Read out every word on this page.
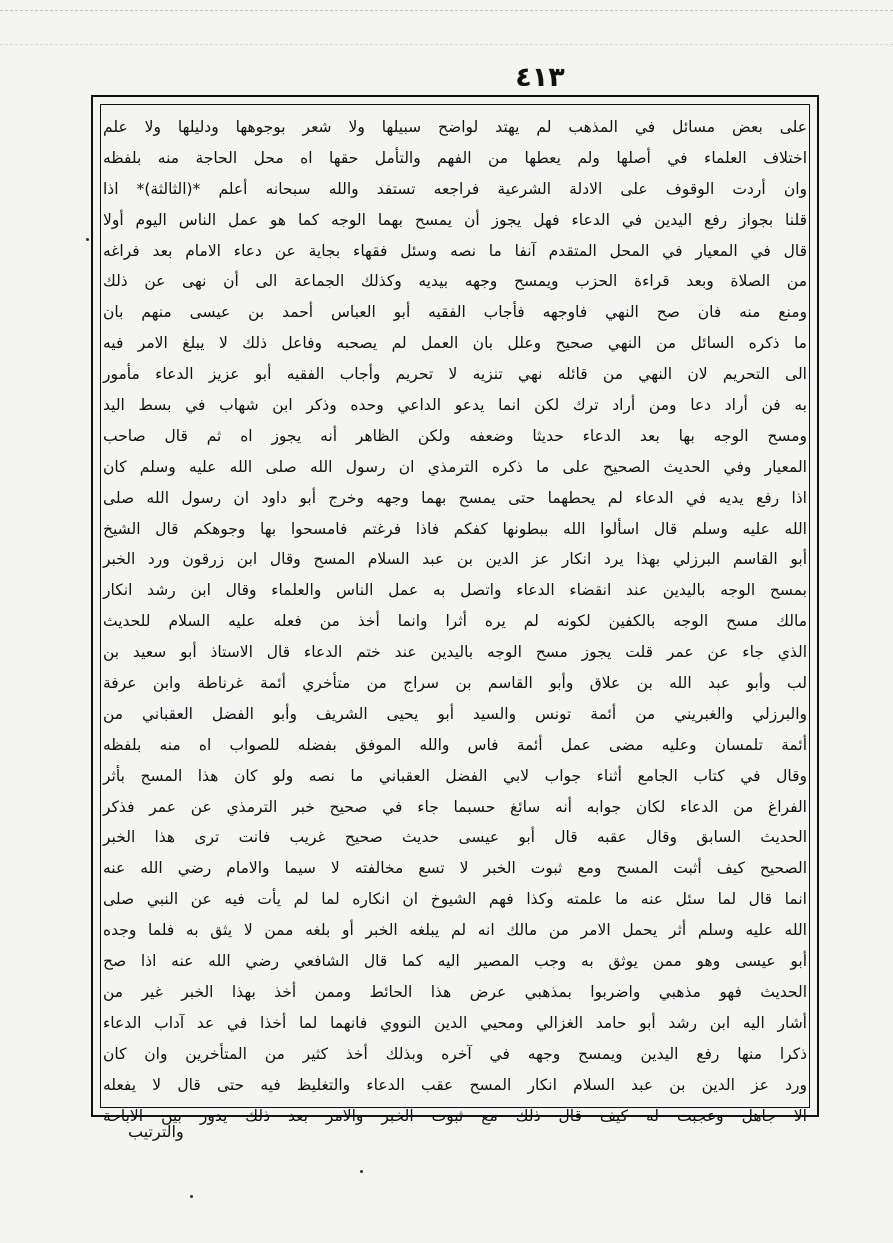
٤١٣
على بعض مسائل في المذهب لم يهتد لواضح سبيلها ولا شعر بوجوهها ودليلها ولا علم
اختلاف العلماء في أصلها ولم يعطها من الفهم والتأمل حقها اه محل الحاجة منه بلفظه
وان أردت الوقوف على الادلة الشرعية فراجعه تستفد والله سبحانه أعلم *(الثالثة)* اذا
قلنا بجواز رفع اليدين في الدعاء فهل يجوز أن يمسح بهما الوجه كما هو عمل الناس اليوم أولا
قال في المعيار في المحل المتقدم آنفا ما نصه وسئل فقهاء بجاية عن دعاء الامام بعد فراغه
من الصلاة وبعد قراءة الحزب ويمسح وجهه بيديه وكذلك الجماعة الى أن نهى عن ذلك
ومنع منه فان صح النهي فاوجهه فأجاب الفقيه أبو العباس أحمد بن عيسى منهم بان
ما ذكره السائل من النهي صحيح وعلل بان العمل لم يصحبه وفاعل ذلك لا يبلغ الامر فيه
الى التحريم لان النهي من قائله نهي تنزيه لا تحريم وأجاب الفقيه أبو عزيز الدعاء مأمور
به فن أراد دعا ومن أراد ترك لكن انما يدعو الداعي وحده وذكر ابن شهاب في بسط اليد
ومسح الوجه بها بعد الدعاء حديثا وضعفه ولكن الظاهر أنه يجوز اه ثم قال صاحب
المعيار وفي الحديث الصحيح على ما ذكره الترمذي ان رسول الله صلى الله عليه وسلم كان
اذا رفع يديه في الدعاء لم يحطهما حتى يمسح بهما وجهه وخرج أبو داود ان رسول الله صلى
الله عليه وسلم قال اسألوا الله ببطونها كفكم فاذا فرغتم فامسحوا بها وجوهكم قال الشيخ
أبو القاسم البرزلي بهذا يرد انكار عز الدين بن عبد السلام المسح وقال ابن زرقون ورد الخبر
بمسح الوجه باليدين عند انقضاء الدعاء واتصل به عمل الناس والعلماء وقال ابن رشد انكار
مالك مسح الوجه بالكفين لكونه لم يره أثرا وانما أخذ من فعله عليه السلام للحديث
الذي جاء عن عمر قلت يجوز مسح الوجه باليدين عند ختم الدعاء قال الاستاذ أبو سعيد بن
لب وأبو عبد الله بن علاق وأبو القاسم بن سراج من متأخري أئمة غرناطة وابن عرفة
والبرزلي والغبريني من أئمة تونس والسيد أبو يحيى الشريف وأبو الفضل العقباني من
أئمة تلمسان وعليه مضى عمل أئمة فاس والله الموفق بفضله للصواب اه منه بلفظه
وقال في كتاب الجامع أثناء جواب لابي الفضل العقباني ما نصه ولو كان هذا المسح بأثر
الفراغ من الدعاء لكان جوابه أنه سائغ حسبما جاء في صحيح خبر الترمذي عن عمر فذكر
الحديث السابق وقال عقبه قال أبو عيسى حديث صحيح غريب فانت ترى هذا الخبر
الصحيح كيف أثبت المسح ومع ثبوت الخبر لا تسع مخالفته لا سيما والامام رضي الله عنه
انما قال لما سئل عنه ما علمته وكذا فهم الشيوخ ان انكاره لما لم يأت فيه عن النبي صلى
الله عليه وسلم أثر يحمل الامر من مالك انه لم يبلغه الخبر أو بلغه ممن لا يثق به فلما وجده
أبو عيسى وهو ممن يوثق به وجب المصير اليه كما قال الشافعي رضي الله عنه اذا صح
الحديث فهو مذهبي واضربوا بمذهبي عرض هذا الحائط وممن أخذ بهذا الخبر غير من
أشار اليه ابن رشد أبو حامد الغزالي ومحيي الدين النووي فانهما لما أخذا في عد آداب الدعاء
ذكرا منها رفع اليدين ويمسح وجهه في آخره وبذلك أخذ كثير من المتأخرين وان كان
ورد عز الدين بن عبد السلام انكار المسح عقب الدعاء والتغليظ فيه حتى قال لا يفعله
الا جاهل وعجبت له كيف قال ذلك مع ثبوت الخبر والامر بعد ذلك يدور بين الاباحة
والترتيب
